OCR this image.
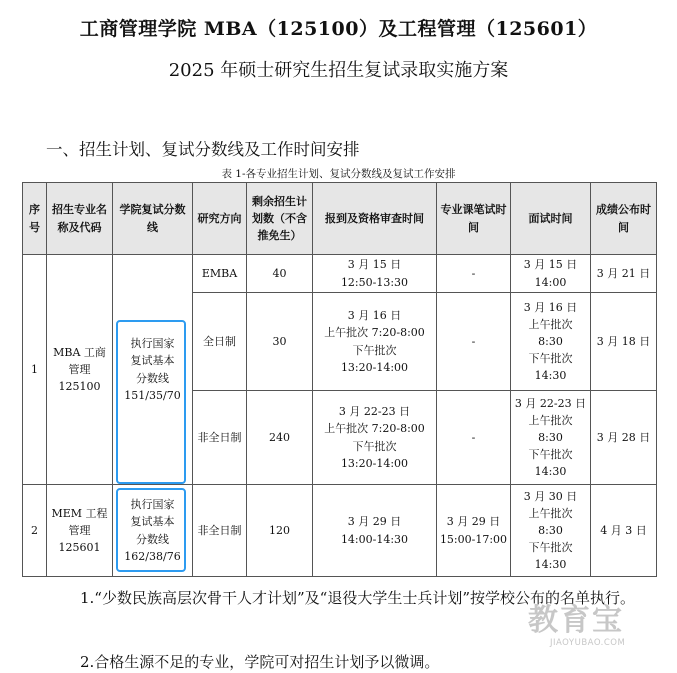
工商管理学院 MBA（125100）及工程管理（125601）
2025 年硕士研究生招生复试录取实施方案
一、招生计划、复试分数线及工作时间安排
表 1-各专业招生计划、复试分数线及复试工作安排
序号	招生专业名称及代码	学院复试分数线	研究方向	剩余招生计划数（不含推免生）	报到及资格审查时间	专业课笔试时间	面试时间	成绩公布时间
1	MBA 工商管理 125100	执行国家
复试基本
分数线
151/35/70	EMBA	40	3 月 15 日
12:50-13:30	-	3 月 15 日
14:00	3 月 21 日
			全日制	30	3 月 16 日
上午批次 7:20-8:00
下午批次
13:20-14:00	-	3 月 16 日
上午批次
8:30
下午批次
14:30	3 月 18 日
			非全日制	240	3 月 22-23 日
上午批次 7:20-8:00
下午批次
13:20-14:00	-	3 月 22-23 日
上午批次
8:30
下午批次
14:30	3 月 28 日
2	MEM 工程管理 125601	执行国家
复试基本
分数线
162/38/76	非全日制	120	3 月 29 日
14:00-14:30	3 月 29 日
15:00-17:00	3 月 30 日
上午批次
8:30
下午批次
14:30	4 月 3 日

1.“少数民族高层次骨干人才计划”及“退役大学生士兵计划”按学校公布的名单执行。

2.合格生源不足的专业，学院可对招生计划予以微调。

教育宝
JIAOYUBAO.COM
